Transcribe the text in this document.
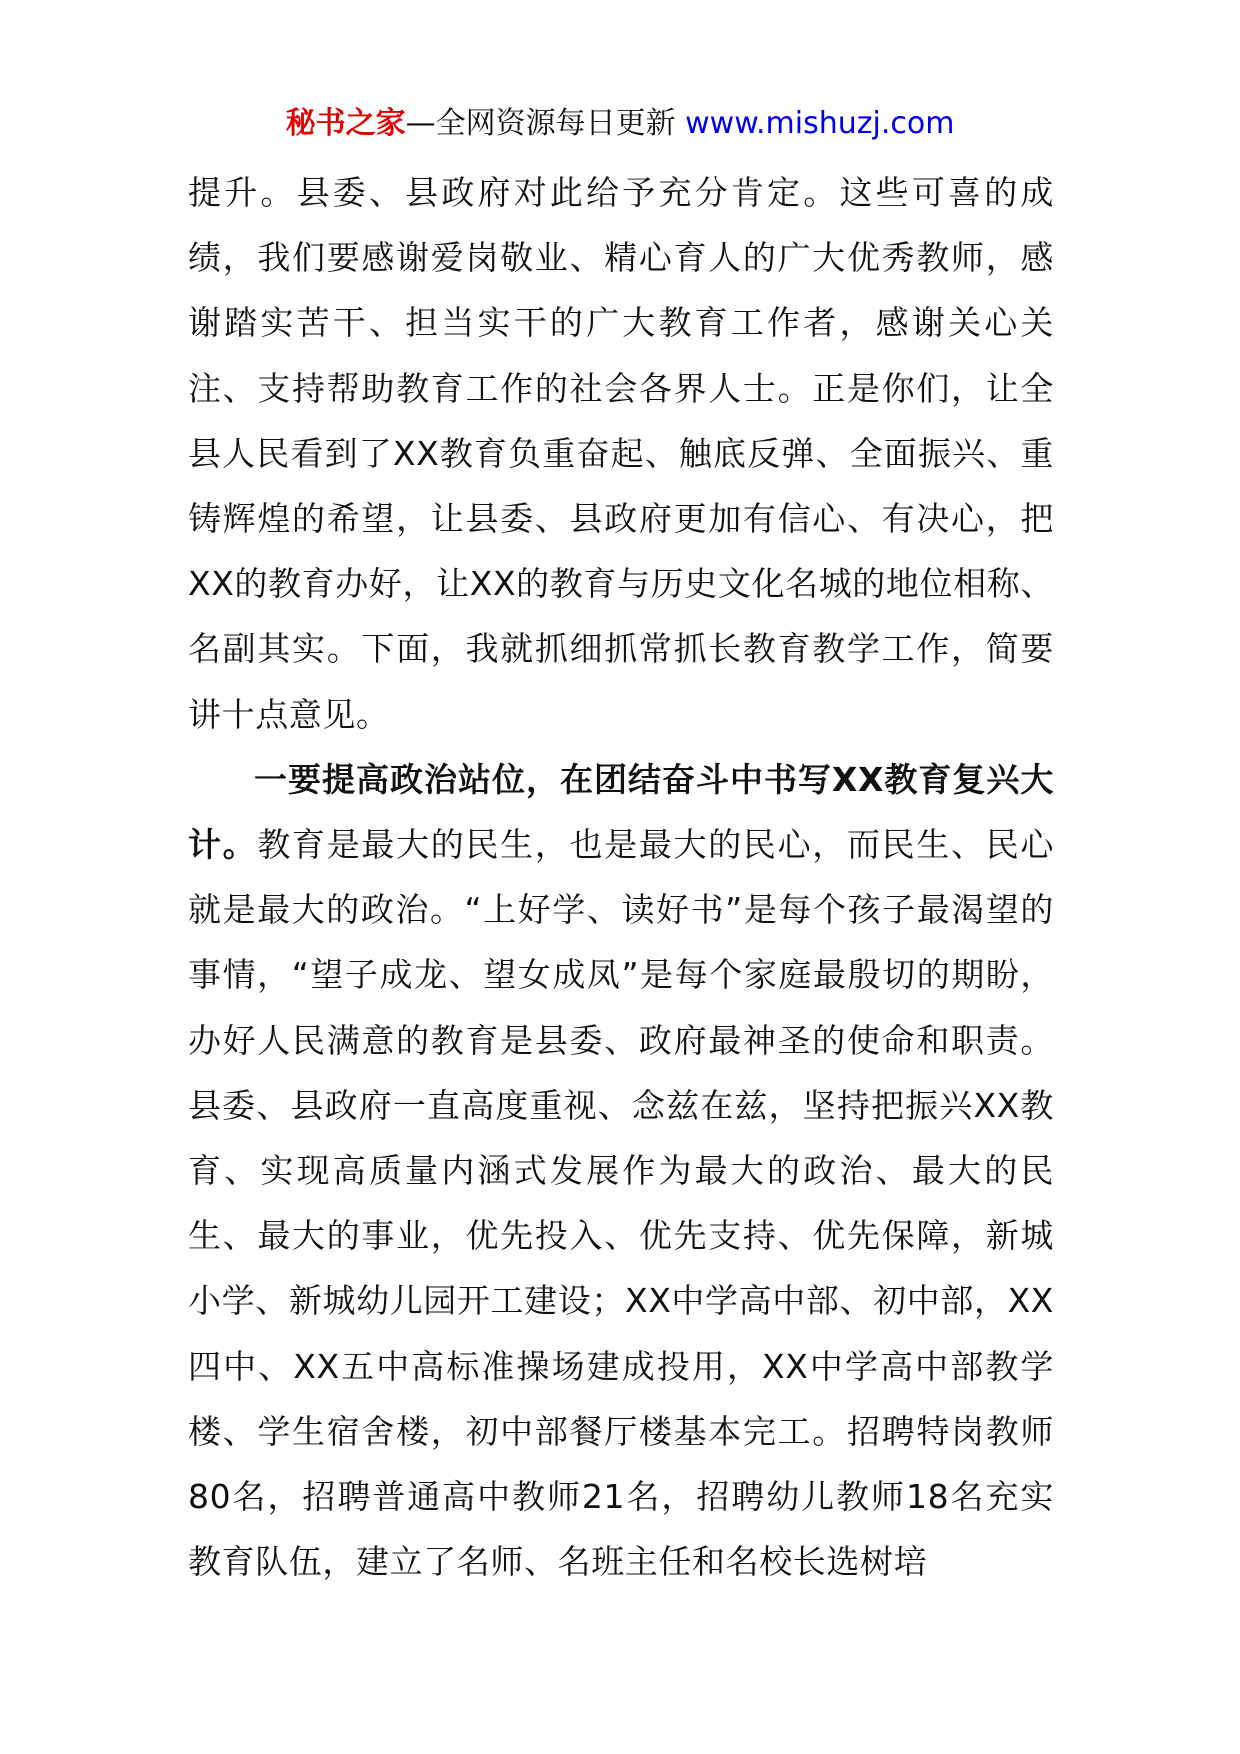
秘书之家—全网资源每日更新 www.mishuzj.com

提升。县委、县政府对此给予充分肯定。这些可喜的成绩，我们要感谢爱岗敬业、精心育人的广大优秀教师，感谢踏实苦干、担当实干的广大教育工作者，感谢关心关注、支持帮助教育工作的社会各界人士。正是你们，让全县人民看到了XX教育负重奋起、触底反弹、全面振兴、重铸辉煌的希望，让县委、县政府更加有信心、有决心，把XX的教育办好，让XX的教育与历史文化名城的地位相称、名副其实。下面，我就抓细抓常抓长教育教学工作，简要讲十点意见。

一要提高政治站位，在团结奋斗中书写XX教育复兴大计。教育是最大的民生，也是最大的民心，而民生、民心就是最大的政治。“上好学、读好书”是每个孩子最渴望的事情，“望子成龙、望女成凤”是每个家庭最殷切的期盼，办好人民满意的教育是县委、政府最神圣的使命和职责。县委、县政府一直高度重视、念兹在兹，坚持把振兴XX教育、实现高质量内涵式发展作为最大的政治、最大的民生、最大的事业，优先投入、优先支持、优先保障，新城小学、新城幼儿园开工建设；XX中学高中部、初中部，XX四中、XX五中高标准操场建成投用，XX中学高中部教学楼、学生宿舍楼，初中部餐厅楼基本完工。招聘特岗教师80名，招聘普通高中教师21名，招聘幼儿教师18名充实教育队伍，建立了名师、名班主任和名校长选树培
